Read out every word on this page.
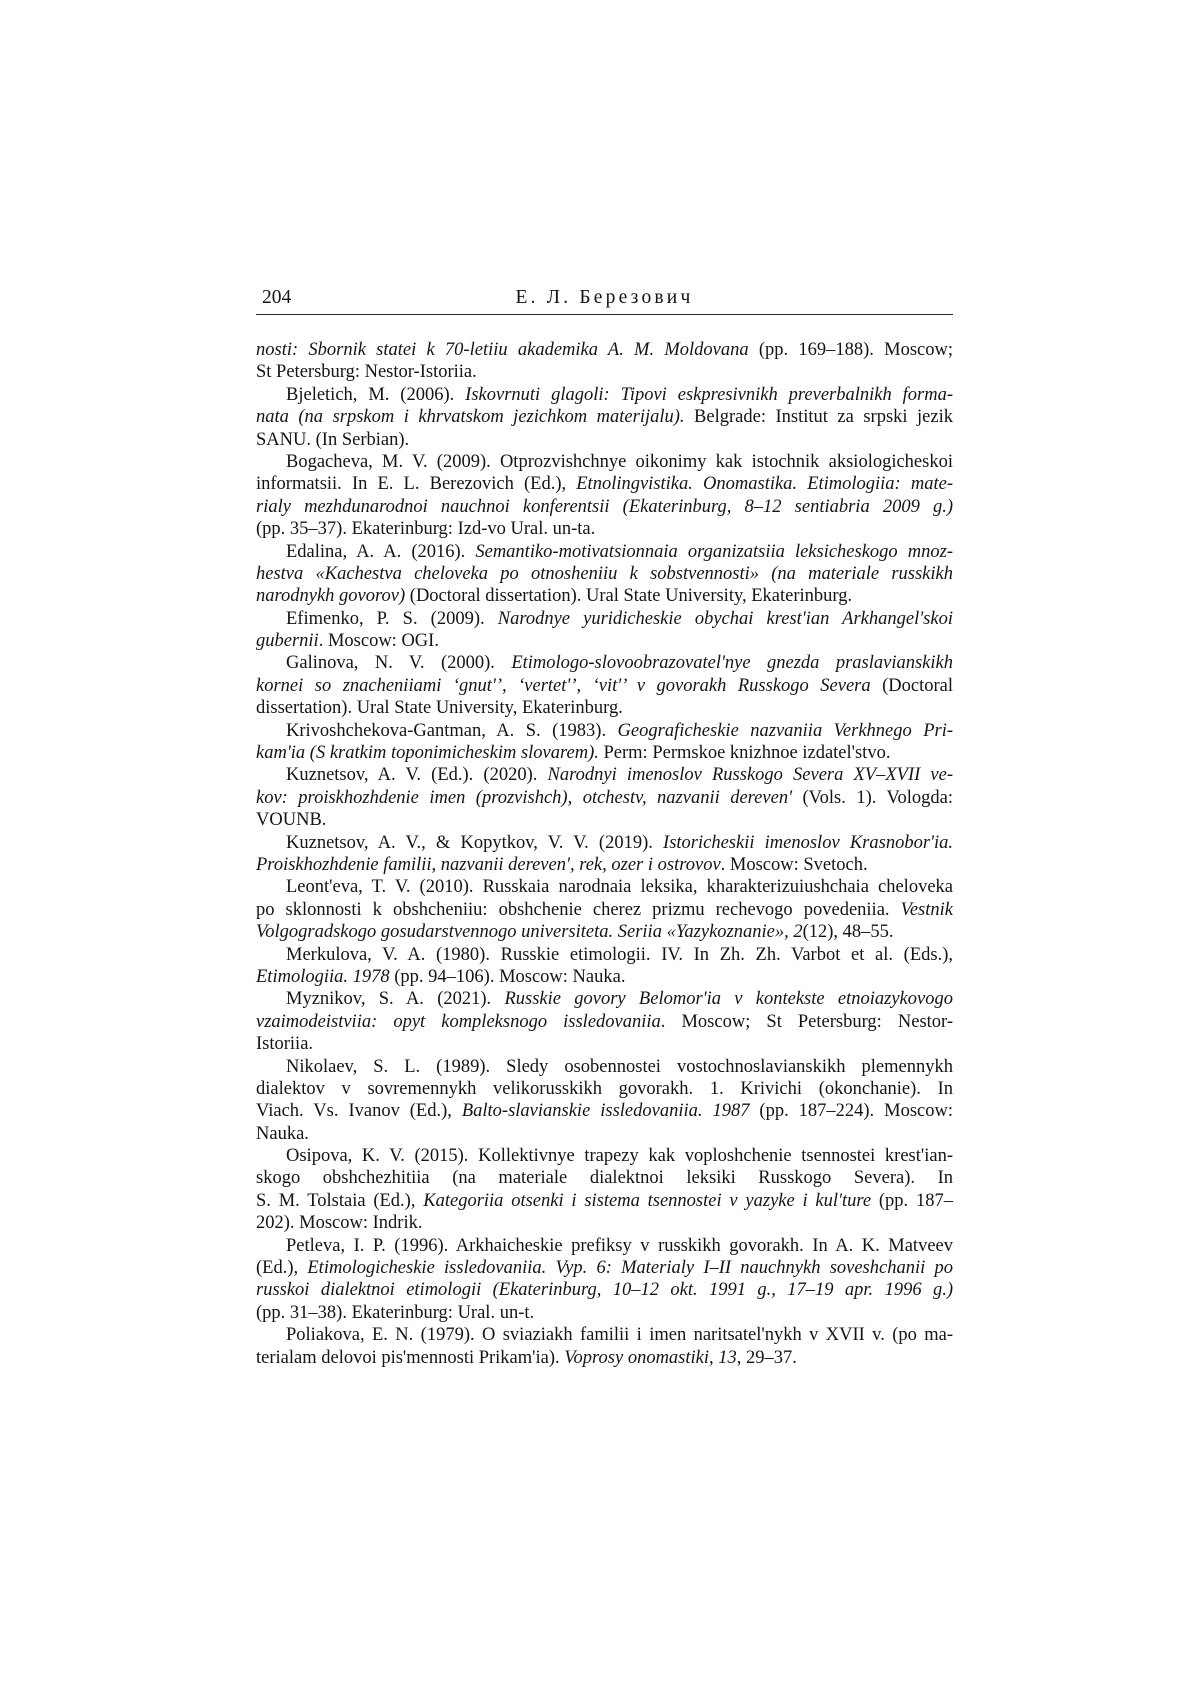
204	Е. Л. Березович
nosti: Sbornik statei k 70-letiiu akademika A. M. Moldovana (pp. 169–188). Moscow;
St Petersburg: Nestor-Istoriia.
Bjeletich, M. (2006). Iskovrnuti glagoli: Tipovi eskpresivnikh preverbalnikh forma-
nata (na srpskom i khrvatskom jezichkom materijalu). Belgrade: Institut za srpski jezik
SANU. (In Serbian).
Bogacheva, M. V. (2009). Otprozvishchnye oikonimy kak istochnik aksiologicheskoi
informatsii. In E. L. Berezovich (Ed.), Etnolingvistika. Onomastika. Etimologiia: mate-
rialy mezhdunarodnoi nauchnoi konferentsii (Ekaterinburg, 8–12 sentiabria 2009 g.)
(pp. 35–37). Ekaterinburg: Izd-vo Ural. un-ta.
Edalina, A. A. (2016). Semantiko-motivatsionnaia organizatsiia leksicheskogo mnoz-
hestva «Kachestva cheloveka po otnosheniiu k sobstvennosti» (na materiale russkikh
narodnykh govorov) (Doctoral dissertation). Ural State University, Ekaterinburg.
Efimenko, P. S. (2009). Narodnye yuridicheskie obychai krest'ian Arkhangel'skoi
gubernii. Moscow: OGI.
Galinova, N. V. (2000). Etimologo-slovoobrazovatel'nye gnezda praslavianskikh
kornei so znacheniiami ‘gnut'’, ‘vertet'’, ‘vit'’ v govorakh Russkogo Severa (Doctoral
dissertation). Ural State University, Ekaterinburg.
Krivoshchekova-Gantman, A. S. (1983). Geograficheskie nazvaniia Verkhnego Pri-
kam'ia (S kratkim toponimicheskim slovarem). Perm: Permskoe knizhnoe izdatel'stvo.
Kuznetsov, A. V. (Ed.). (2020). Narodnyi imenoslov Russkogo Severa XV–XVII ve-
kov: proiskhozhdenie imen (prozvishch), otchestv, nazvanii dereven' (Vols. 1). Vologda:
VOUNB.
Kuznetsov, A. V., & Kopytkov, V. V. (2019). Istoricheskii imenoslov Krasnobor'ia.
Proiskhozhdenie familii, nazvanii dereven', rek, ozer i ostrovov. Moscow: Svetoch.
Leont'eva, T. V. (2010). Russkaia narodnaia leksika, kharakterizuiushchaia cheloveka
po sklonnosti k obshcheniiu: obshchenie cherez prizmu rechevogo povedeniia. Vestnik
Volgogradskogo gosudarstvennogo universiteta. Seriia «Yazykoznanie», 2(12), 48–55.
Merkulova, V. A. (1980). Russkie etimologii. IV. In Zh. Zh. Varbot et al. (Eds.),
Etimologiia. 1978 (pp. 94–106). Moscow: Nauka.
Myznikov, S. A. (2021). Russkie govory Belomor'ia v kontekste etnoiazykovogo
vzaimodeistviia: opyt kompleksnogo issledovaniia. Moscow; St Petersburg: Nestor-
Istoriia.
Nikolaev, S. L. (1989). Sledy osobennostei vostochnoslavianskikh plemennykh
dialektov v sovremennykh velikorusskikh govorakh. 1. Krivichi (okonchanie). In
Viach. Vs. Ivanov (Ed.), Balto-slavianskie issledovaniia. 1987 (pp. 187–224). Moscow:
Nauka.
Osipova, K. V. (2015). Kollektivnye trapezy kak voploshchenie tsennostei krest'ian-
skogo obshchezhitiia (na materiale dialektnoi leksiki Russkogo Severa). In
S. M. Tolstaia (Ed.), Kategoriia otsenki i sistema tsennostei v yazyke i kul'ture (pp. 187–
202). Moscow: Indrik.
Petleva, I. P. (1996). Arkhaicheskie prefiksy v russkikh govorakh. In A. K. Matveev
(Ed.), Etimologicheskie issledovaniia. Vyp. 6: Materialy I–II nauchnykh soveshchanii po
russkoi dialektnoi etimologii (Ekaterinburg, 10–12 okt. 1991 g., 17–19 apr. 1996 g.)
(pp. 31–38). Ekaterinburg: Ural. un-t.
Poliakova, E. N. (1979). O sviaziakh familii i imen naritsatel'nykh v XVII v. (po ma-
terialam delovoi pis'mennosti Prikam'ia). Voprosy onomastiki, 13, 29–37.
